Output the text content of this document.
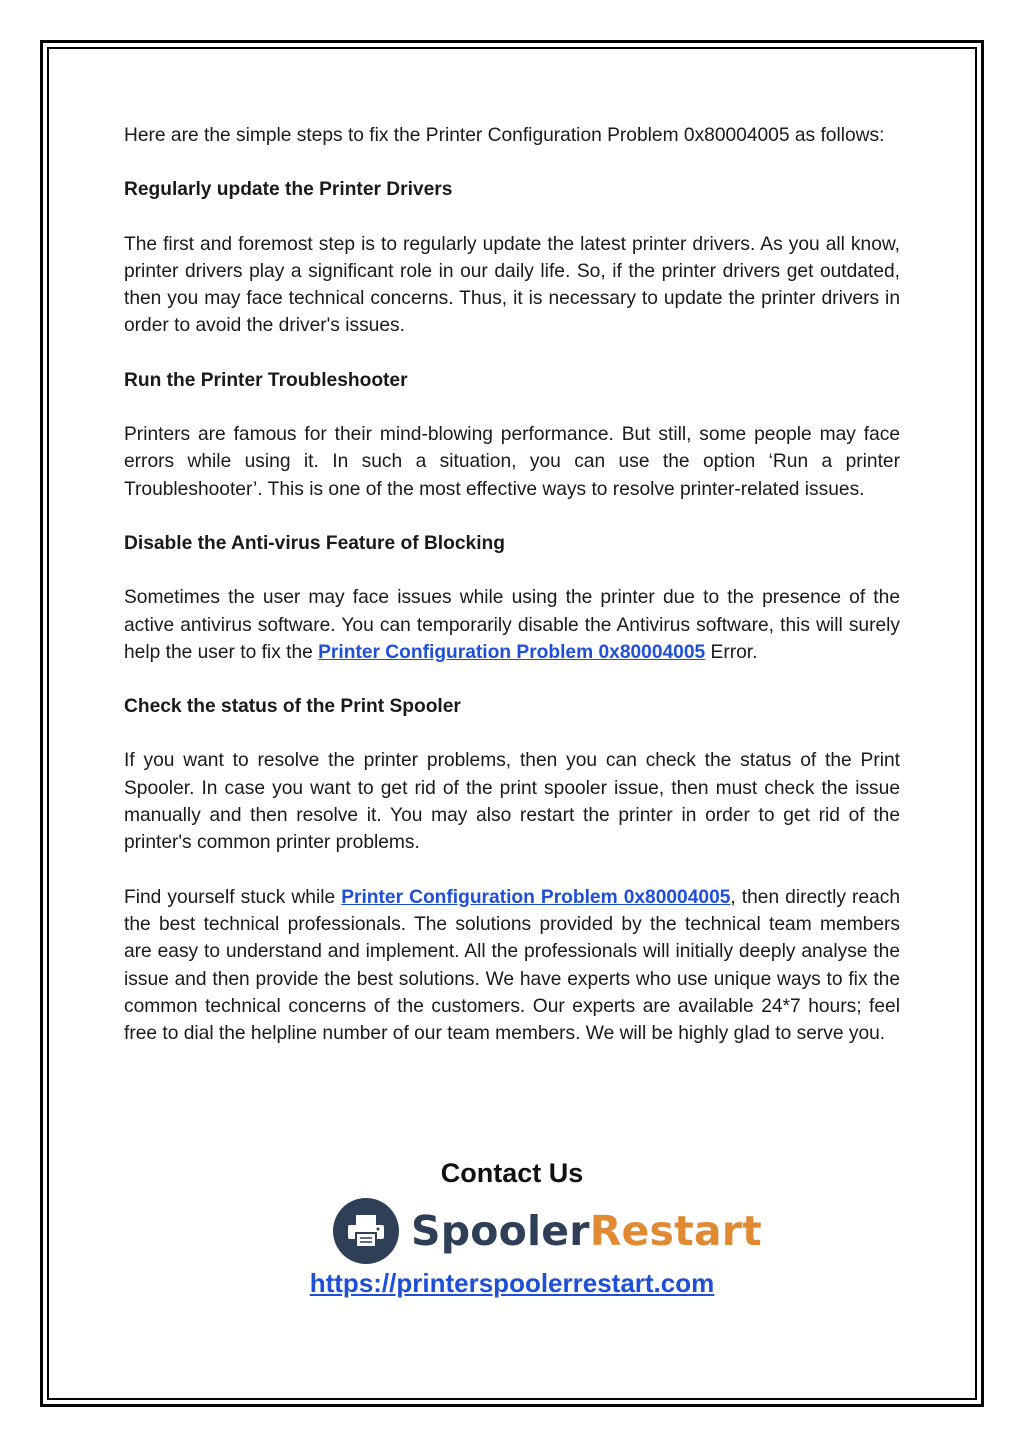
Here are the simple steps to fix the Printer Configuration Problem 0x80004005 as follows:

Regularly update the Printer Drivers

The first and foremost step is to regularly update the latest printer drivers. As you all know, printer drivers play a significant role in our daily life. So, if the printer drivers get outdated, then you may face technical concerns. Thus, it is necessary to update the printer drivers in order to avoid the driver's issues.

Run the Printer Troubleshooter

Printers are famous for their mind-blowing performance. But still, some people may face errors while using it. In such a situation, you can use the option ‘Run a printer Troubleshooter’. This is one of the most effective ways to resolve printer-related issues.

Disable the Anti-virus Feature of Blocking

Sometimes the user may face issues while using the printer due to the presence of the active antivirus software. You can temporarily disable the Antivirus software, this will surely help the user to fix the Printer Configuration Problem 0x80004005 Error.

Check the status of the Print Spooler

If you want to resolve the printer problems, then you can check the status of the Print Spooler. In case you want to get rid of the print spooler issue, then must check the issue manually and then resolve it. You may also restart the printer in order to get rid of the printer's common printer problems.

Find yourself stuck while Printer Configuration Problem 0x80004005, then directly reach the best technical professionals. The solutions provided by the technical team members are easy to understand and implement. All the professionals will initially deeply analyse the issue and then provide the best solutions. We have experts who use unique ways to fix the common technical concerns of the customers. Our experts are available 24*7 hours; feel free to dial the helpline number of our team members. We will be highly glad to serve you.

Contact Us
SpoolerRestart
https://printerspoolerrestart.com
